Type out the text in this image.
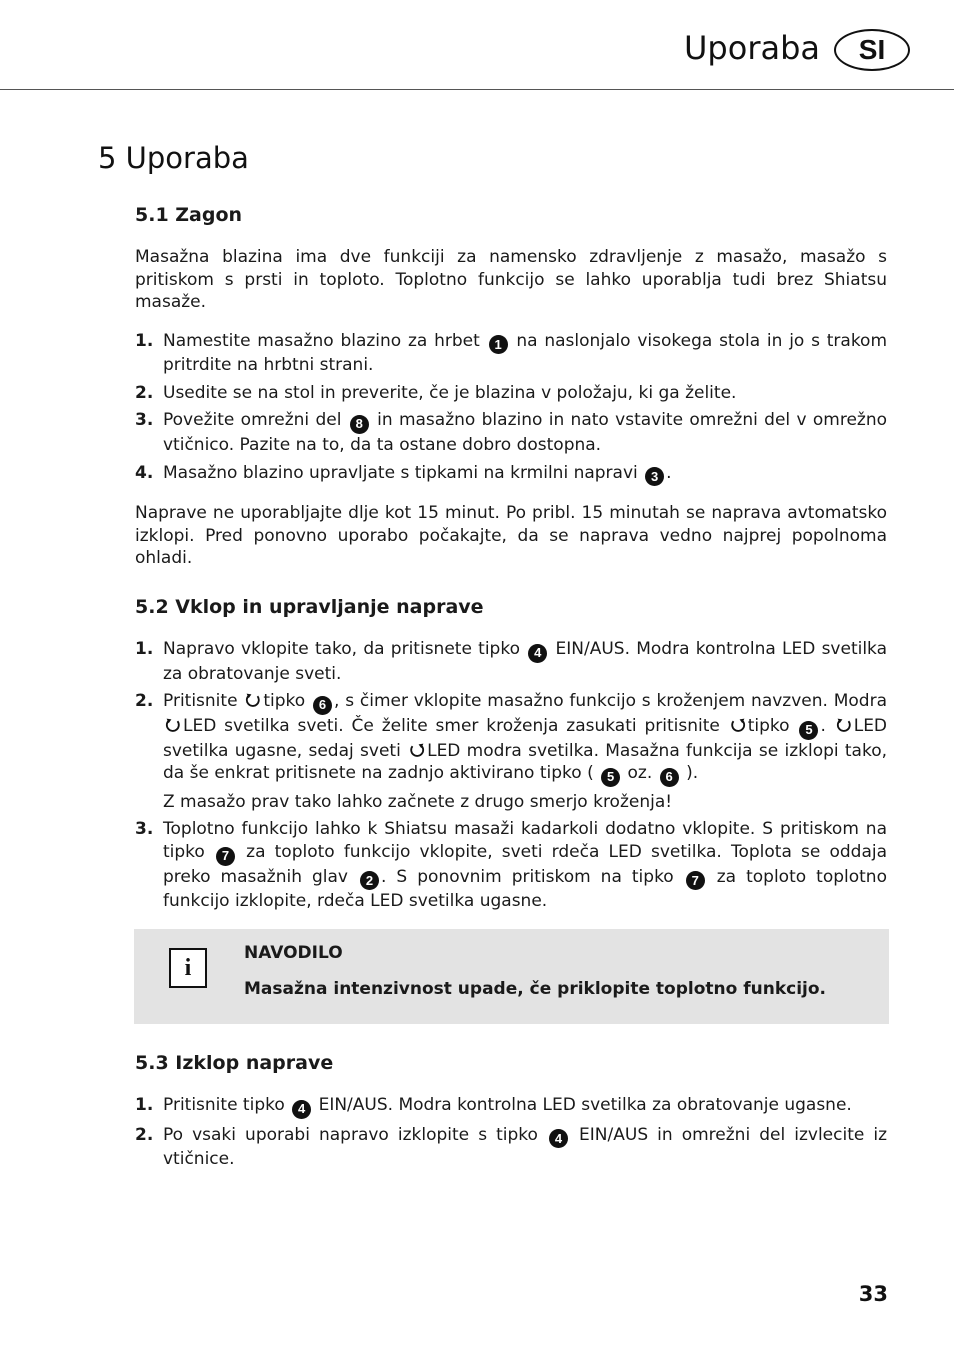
Uporaba	SI
5 Uporaba
5.1 Zagon

Masažna blazina ima dve funkciji za namensko zdravljenje z masažo, masažo s pritiskom s prsti in toploto. Toplotno funkcijo se lahko uporablja tudi brez Shiatsu masaže.

1. Namestite masažno blazino za hrbet 1 na naslonjalo visokega stola in jo s trakom pritrdite na hrbtni strani.
2. Usedite se na stol in preverite, če je blazina v položaju, ki ga želite.
3. Povežite omrežni del 8 in masažno blazino in nato vstavite omrežni del v omrežno vtičnico. Pazite na to, da ta ostane dobro dostopna.
4. Masažno blazino upravljate s tipkami na krmilni napravi 3 .

Naprave ne uporabljajte dlje kot 15 minut. Po pribl. 15 minutah se naprava avtomatsko izklopi. Pred ponovno uporabo počakajte, da se naprava vedno najprej popolnoma ohladi.

5.2 Vklop in upravljanje naprave
1. Napravo vklopite tako, da pritisnete tipko 4 EIN/AUS. Modra kontrolna LED svetilka za obratovanje sveti.
2. Pritisnite tipko 6 , s čimer vklopite masažno funkcijo s kroženjem navzven. Modra
LED svetilka sveti. Če želite smer kroženja zasukati pritisnite tipko 5 . LED svetilka ugasne, sedaj sveti LED modra svetilka. Masažna funkcija se izklopi tako, da še enkrat pritisnete na zadnjo aktivirano tipko ( 5 oz. 6 ).
Z masažo prav tako lahko začnete z drugo smerjo kroženja!
3. Toplotno funkcijo lahko k Shiatsu masaži kadarkoli dodatno vklopite. S pritiskom na tipko 7 za toploto funkcijo vklopite, sveti rdeča LED svetilka. Toplota se oddaja preko masažnih glav 2 . S ponovnim pritiskom na tipko 7 za toploto toplotno funkcijo izklopite, rdeča LED svetilka ugasne.
i
NAVODILO
Masažna intenzivnost upade, če priklopite toplotno funkcijo.
5.3 Izklop naprave
1. Pritisnite tipko 4 EIN/AUS. Modra kontrolna LED svetilka za obratovanje ugasne.
2. Po vsaki uporabi napravo izklopite s tipko 4 EIN/AUS in omrežni del izvlecite iz vtičnice.
33
